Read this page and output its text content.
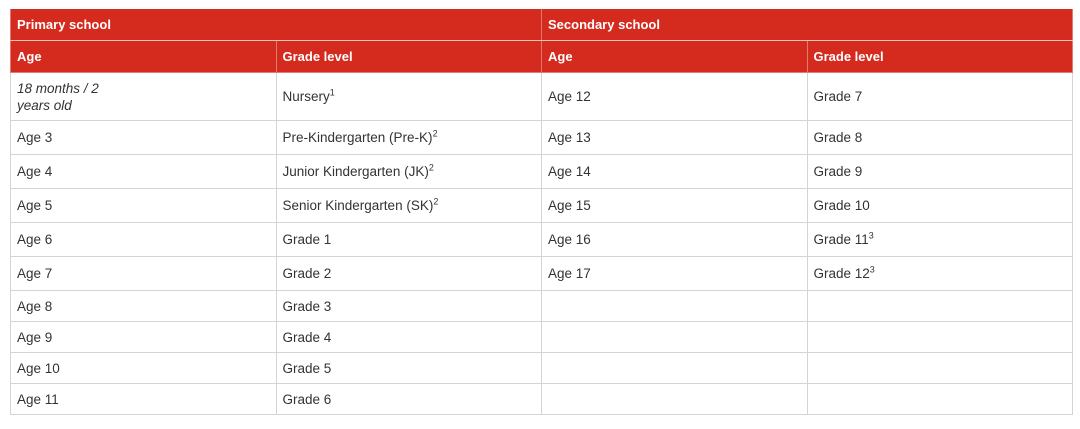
Primary school		Secondary school	
Age	Grade level	Age	Grade level
18 months / 2 years old	Nursery$^1$	Age 12	Grade 7
Age 3	Pre-Kindergarten $(Pre-K)^2$	Age 13	Grade 8
Age 4	Junior Kindergarten (JK)$^2$	Age 14	Grade 9
Age 5	Senior Kindergarten (SK)$^2$	Age 15	Grade 10
Age 6	Grade 1	Age 16	Grade $11^3$
Age 7	Grade 2	Age 17	Grade $12^3$
Age 8	Grade 3		
Age 9	Grade 4		
Age 10	Grade 5		
Age 11	Grade 6		
